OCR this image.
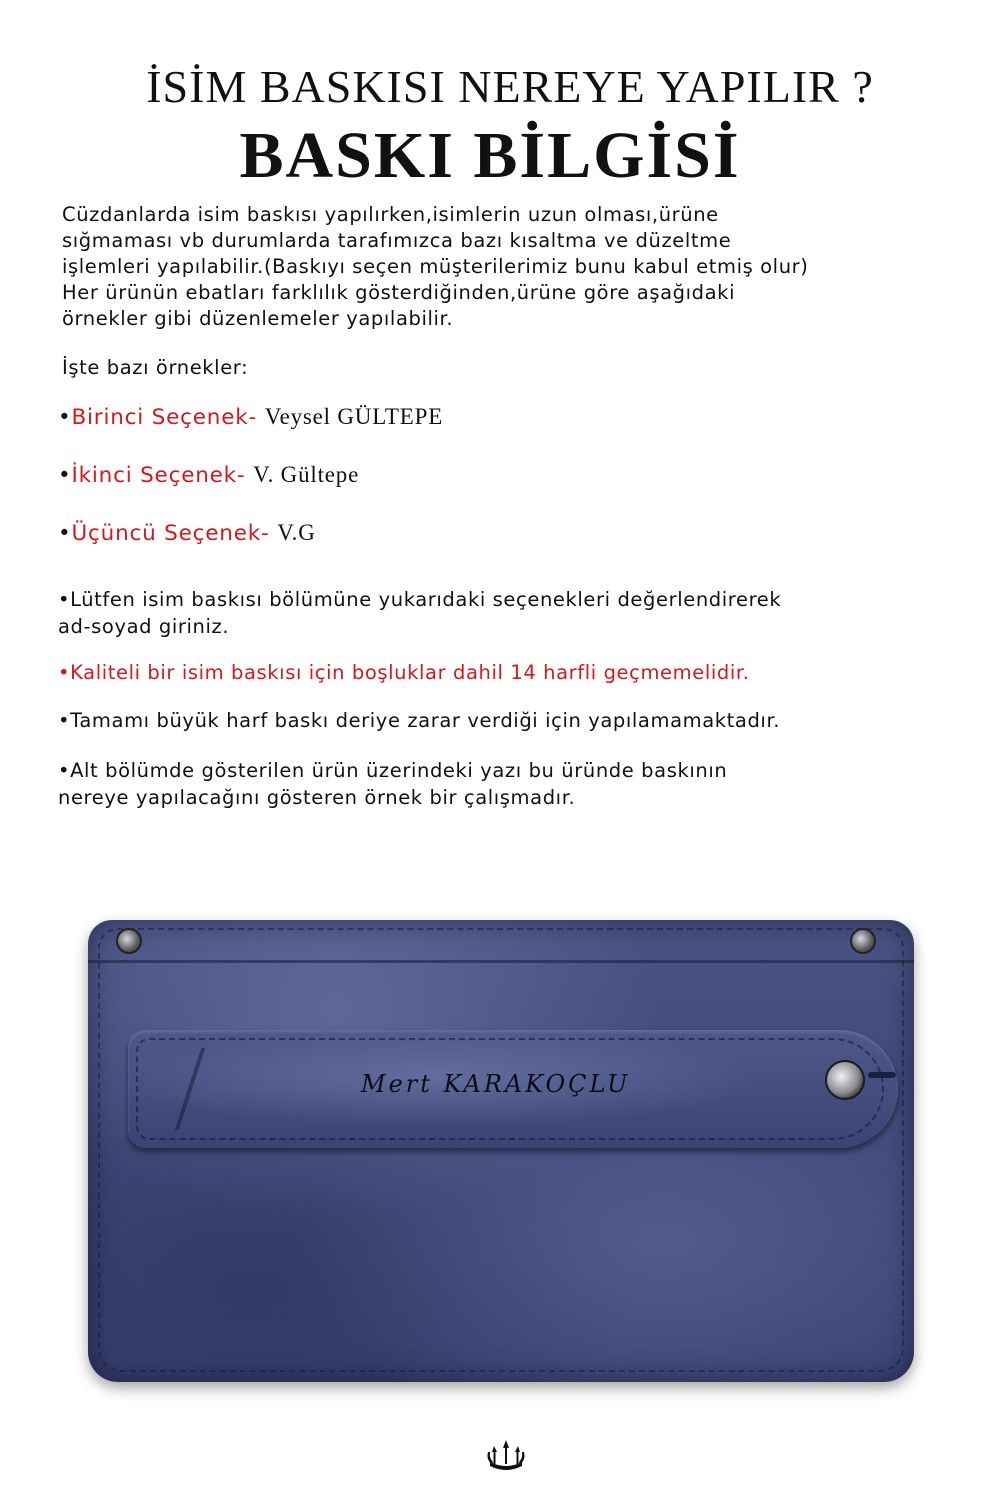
İSİM BASKISI NEREYE YAPILIR ?
BASKI BİLGİSİ
Cüzdanlarda isim baskısı yapılırken,isimlerin uzun olması,ürüne
sığmaması vb durumlarda tarafımızca bazı kısaltma ve düzeltme
işlemleri yapılabilir.(Baskıyı seçen müşterilerimiz bunu kabul etmiş olur)
Her ürünün ebatları farklılık gösterdiğinden,ürüne göre aşağıdaki
örnekler gibi düzenlemeler yapılabilir.
İşte bazı örnekler:
•Birinci Seçenek- Veysel GÜLTEPE
•İkinci Seçenek- V. Gültepe
•Üçüncü Seçenek- V.G
•Lütfen isim baskısı bölümüne yukarıdaki seçenekleri değerlendirerek
ad-soyad giriniz.
•Kaliteli bir isim baskısı için boşluklar dahil 14 harfli geçmemelidir.
•Tamamı büyük harf baskı deriye zarar verdiği için yapılamamaktadır.
•Alt bölümde gösterilen ürün üzerindeki yazı bu üründe baskının
nereye yapılacağını gösteren örnek bir çalışmadır.
Mert KARAKOÇLU
